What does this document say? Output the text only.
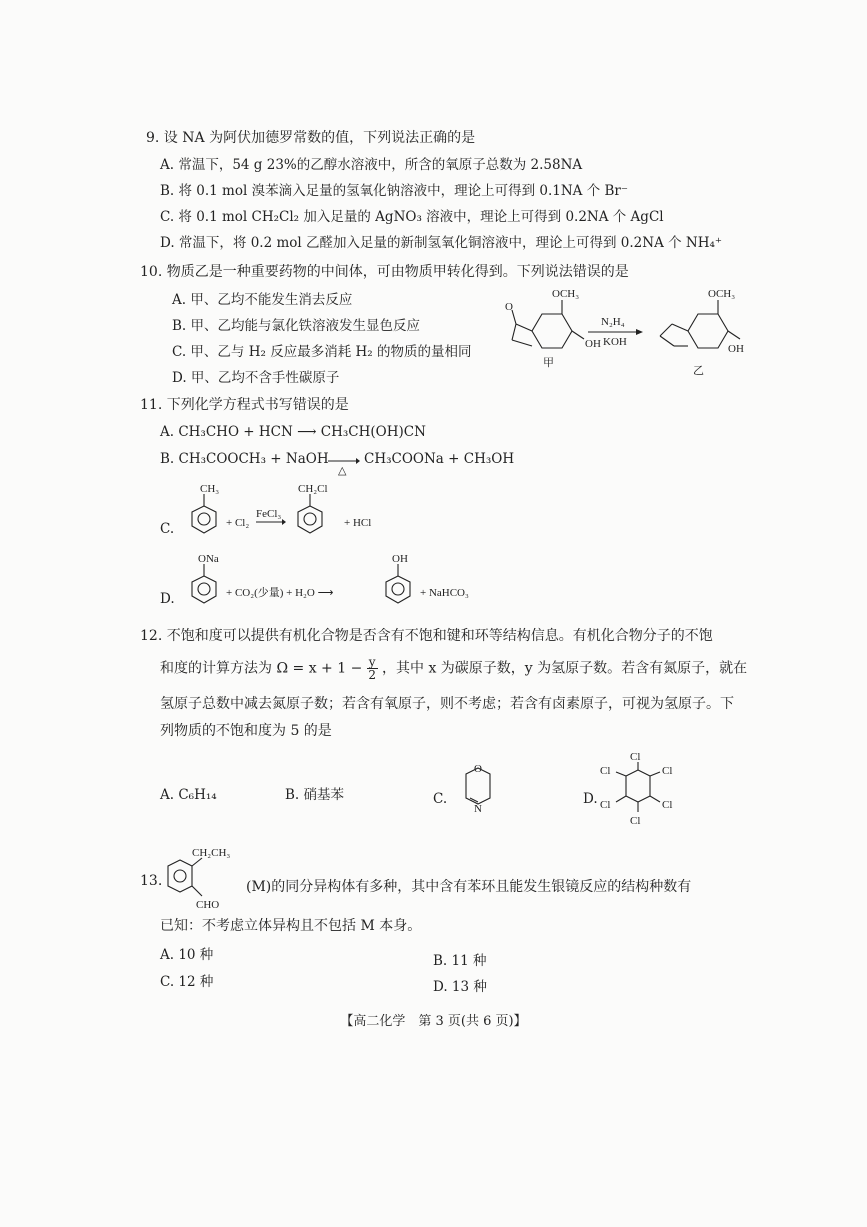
9. 设 NA 为阿伏加德罗常数的值，下列说法正确的是
A. 常温下，54 g 23%的乙醇水溶液中，所含的氧原子总数为 2.58NA
B. 将 0.1 mol 溴苯滴入足量的氢氧化钠溶液中，理论上可得到 0.1NA 个 Br⁻
C. 将 0.1 mol CH₂Cl₂ 加入足量的 AgNO₃ 溶液中，理论上可得到 0.2NA 个 AgCl
D. 常温下，将 0.2 mol 乙醛加入足量的新制氢氧化铜溶液中，理论上可得到 0.2NA 个 NH₄⁺
10. 物质乙是一种重要药物的中间体，可由物质甲转化得到。下列说法错误的是
A. 甲、乙均不能发生消去反应
B. 甲、乙均能与氯化铁溶液发生显色反应
C. 甲、乙与 H₂ 反应最多消耗 H₂ 的物质的量相同
D. 甲、乙均不含手性碳原子
O
OCH₃
OH
甲
N₂H₄
KOH
OCH₃
OH
乙
11. 下列化学方程式书写错误的是
A. CH₃CHO + HCN ⟶ CH₃CH(OH)CN
B. CH₃COOCH₃ + NaOH
△
CH₃COONa + CH₃OH
C.
CH₃
+ Cl₂
FeCl₃
CH₂Cl
+ HCl
D.
ONa
+ CO₂(少量) + H₂O ⟶
OH
+ NaHCO₃
12. 不饱和度可以提供有机化合物是否含有不饱和键和环等结构信息。有机化合物分子的不饱
和度的计算方法为 $\Omega = x + 1 - \frac{y}{2}$ ，其中 x 为碳原子数，y 为氢原子数。若含有氮原子，就在
氢原子总数中减去氮原子数；若含有氧原子，则不考虑；若含有卤素原子，可视为氢原子。下
列物质的不饱和度为 5 的是
A. C₆H₁₄	B. 硝基苯	C.
O
N
D.
Cl
Cl
Cl
Cl
Cl
Cl
13.
CH₂CH₃
CHO
(M)的同分异构体有多种，其中含有苯环且能发生银镜反应的结构种数有
已知：不考虑立体异构且不包括 M 本身。
A. 10 种	B. 11 种
C. 12 种	D. 13 种
【高二化学　第 3 页(共 6 页)】
